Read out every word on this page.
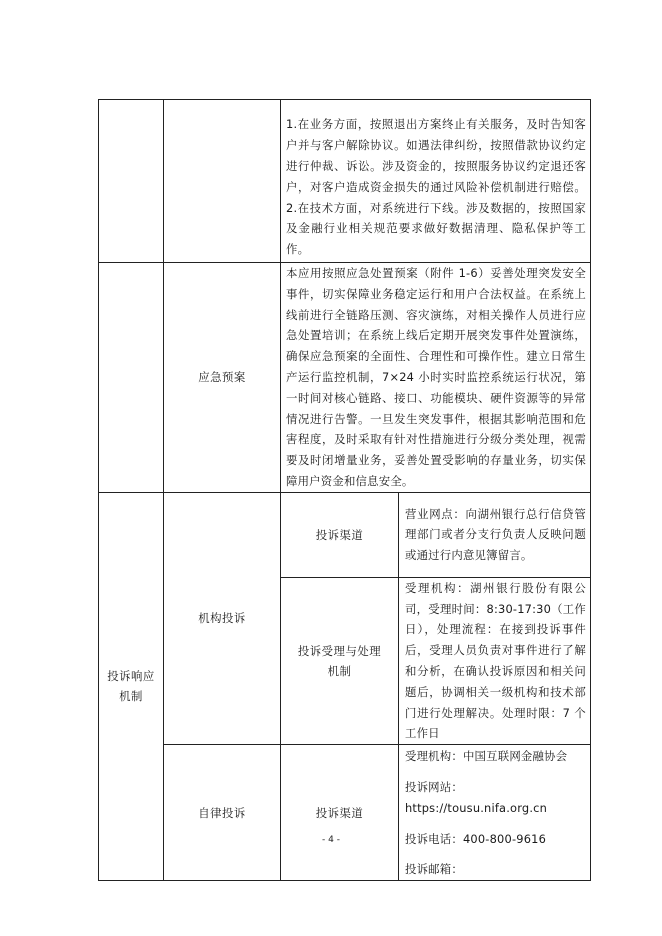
		1.在业务方面，按照退出方案终止有关服务，及时告知客户并与客户解除协议。如遇法律纠纷，按照借款协议约定进行仲裁、诉讼。涉及资金的，按照服务协议约定退还客户，对客户造成资金损失的通过风险补偿机制进行赔偿。2.在技术方面，对系统进行下线。涉及数据的，按照国家及金融行业相关规范要求做好数据清理、隐私保护等工作。	

	应急预案	本应用按照应急处置预案（附件 1-6）妥善处理突发安全事件，切实保障业务稳定运行和用户合法权益。在系统上线前进行全链路压测、容灾演练，对相关操作人员进行应急处置培训；在系统上线后定期开展突发事件处置演练，确保应急预案的全面性、合理性和可操作性。建立日常生产运行监控机制，7×24 小时实时监控系统运行状况，第一时间对核心链路、接口、功能模块、硬件资源等的异常情况进行告警。一旦发生突发事件，根据其影响范围和危害程度，及时采取有针对性措施进行分级分类处理，视需要及时闭增量业务，妥善处置受影响的存量业务，切实保障用户资金和信息安全。	

投诉响应机制	机构投诉	投诉渠道	营业网点：向湖州银行总行信贷管理部门或者分支行负责人反映问题或通过行内意见簿留言。

		投诉受理与处理机制	受理机构：湖州银行股份有限公司，受理时间：8:30-17:30（工作日），处理流程：在接到投诉事件后，受理人员负责对事件进行了解和分析，在确认投诉原因和相关问题后，协调相关一级机构和技术部门进行处理解决。处理时限：7 个工作日

	自律投诉	投诉渠道	受理机构：中国互联网金融协会
投诉网站：
https://tousu.nifa.org.cn
投诉电话：400-800-9616
投诉邮箱：
- 4 -
